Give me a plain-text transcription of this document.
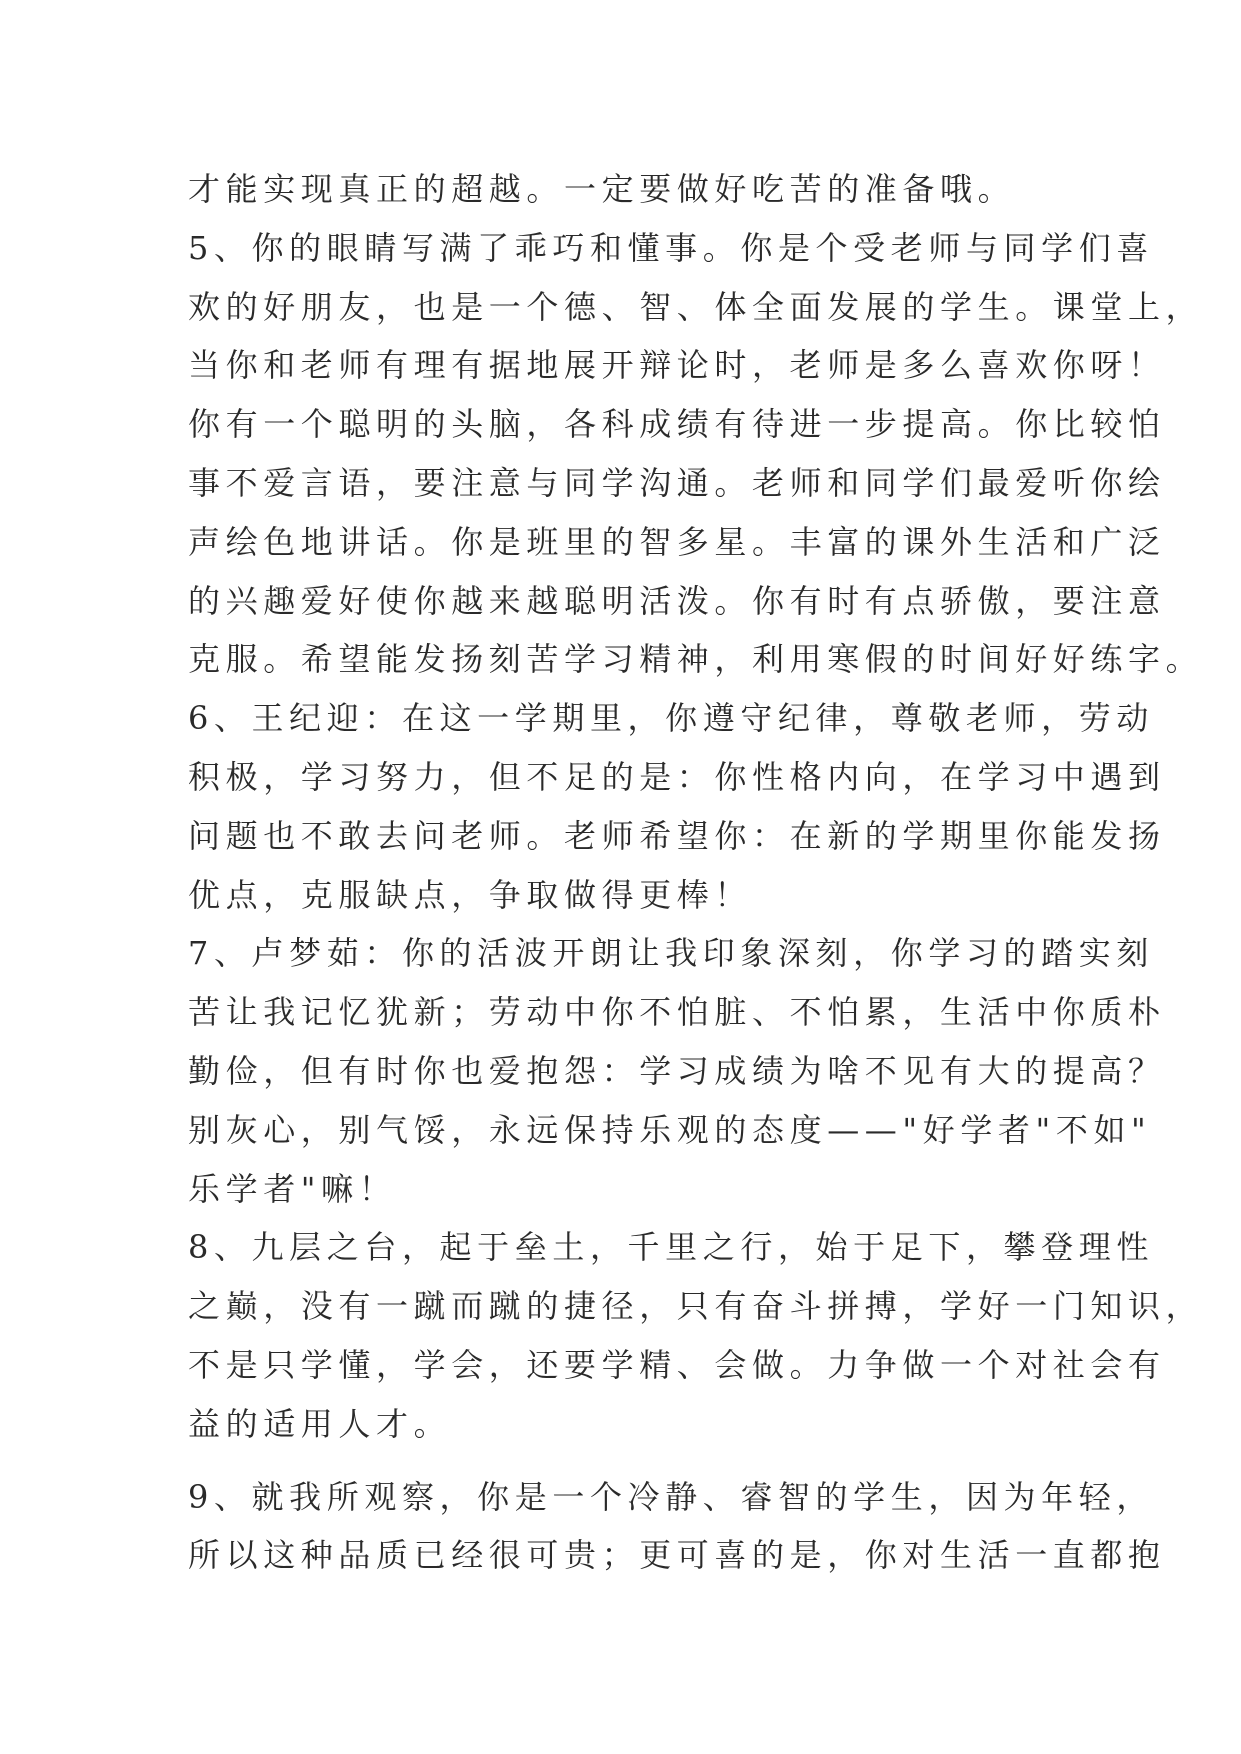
才能实现真正的超越。一定要做好吃苦的准备哦。
5、你的眼睛写满了乖巧和懂事。你是个受老师与同学们喜
欢的好朋友，也是一个德、智、体全面发展的学生。课堂上，
当你和老师有理有据地展开辩论时，老师是多么喜欢你呀！
你有一个聪明的头脑，各科成绩有待进一步提高。你比较怕
事不爱言语，要注意与同学沟通。老师和同学们最爱听你绘
声绘色地讲话。你是班里的智多星。丰富的课外生活和广泛
的兴趣爱好使你越来越聪明活泼。你有时有点骄傲，要注意
克服。希望能发扬刻苦学习精神，利用寒假的时间好好练字。
6、王纪迎：在这一学期里，你遵守纪律，尊敬老师，劳动
积极，学习努力，但不足的是：你性格内向，在学习中遇到
问题也不敢去问老师。老师希望你：在新的学期里你能发扬
优点，克服缺点，争取做得更棒！
7、卢梦茹：你的活波开朗让我印象深刻，你学习的踏实刻
苦让我记忆犹新；劳动中你不怕脏、不怕累，生活中你质朴
勤俭，但有时你也爱抱怨：学习成绩为啥不见有大的提高？
别灰心，别气馁，永远保持乐观的态度——"好学者"不如"
乐学者"嘛！
8、九层之台，起于垒土，千里之行，始于足下，攀登理性
之巅，没有一蹴而蹴的捷径，只有奋斗拼搏，学好一门知识，
不是只学懂，学会，还要学精、会做。力争做一个对社会有
益的适用人才。
9、就我所观察，你是一个冷静、睿智的学生，因为年轻，
所以这种品质已经很可贵；更可喜的是，你对生活一直都抱
